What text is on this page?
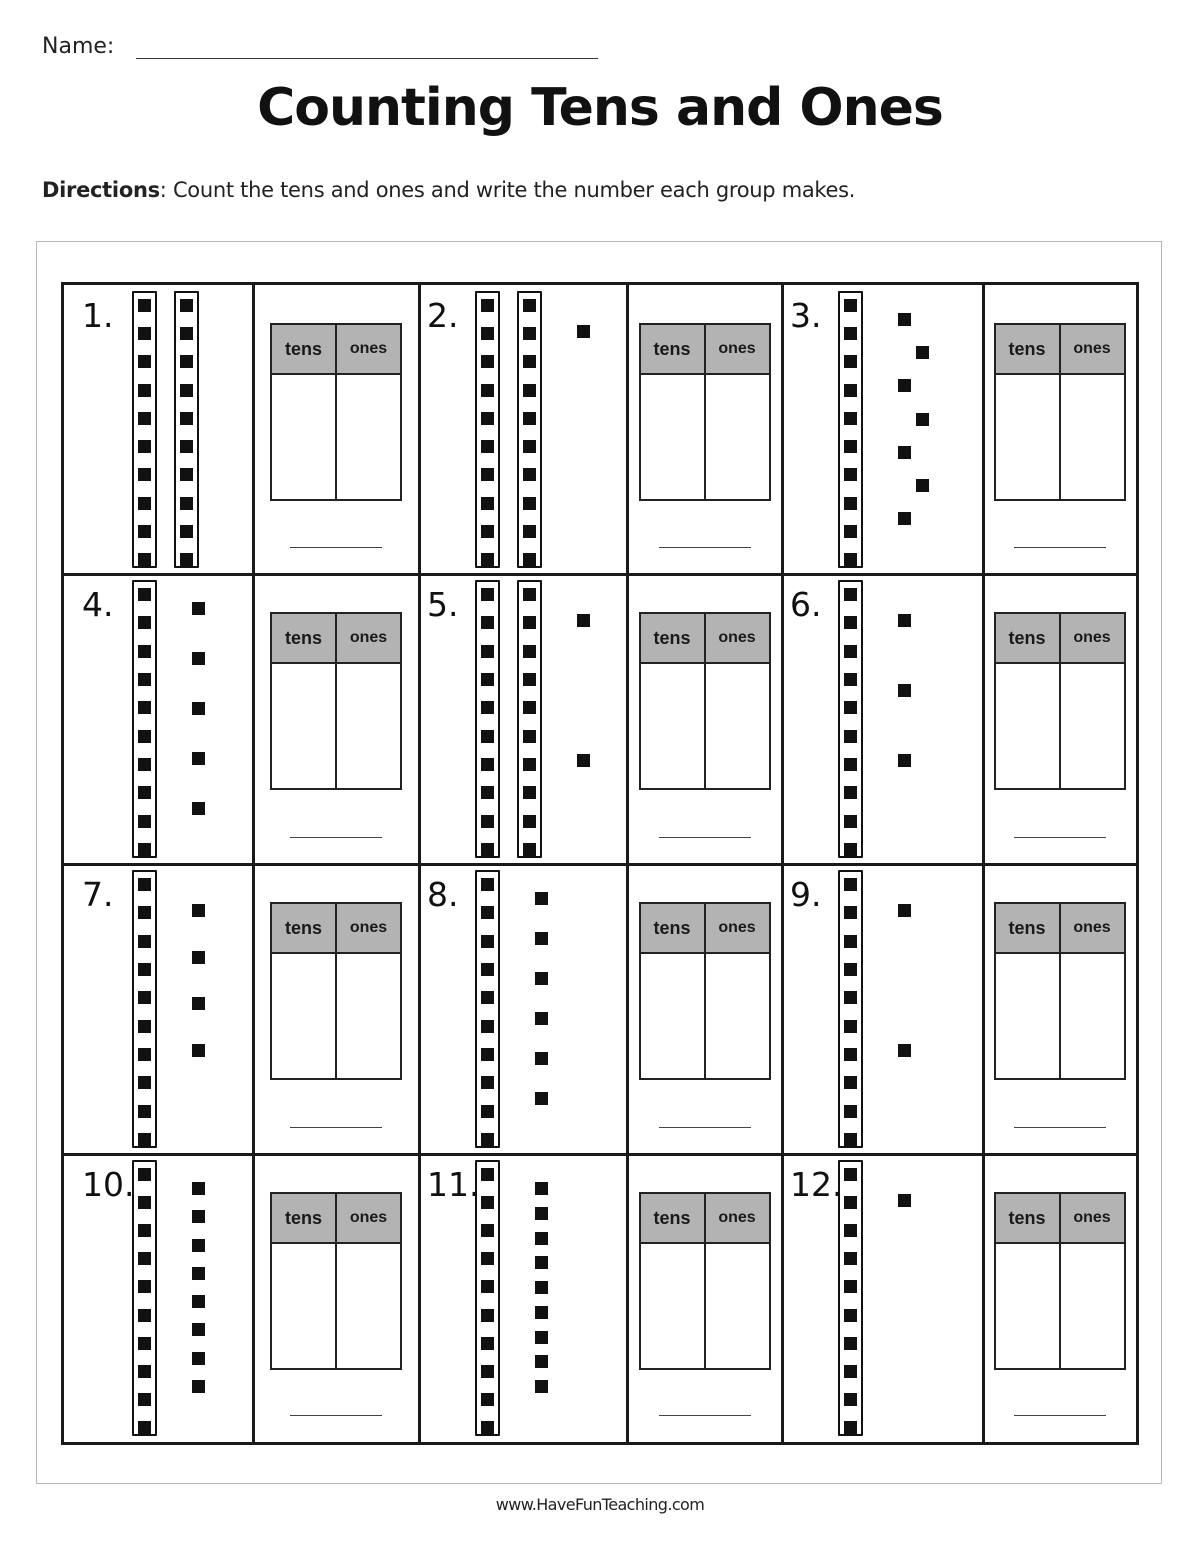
Name:
Counting Tens and Ones
Directions: Count the tens and ones and write the number each group makes.
1.
tens	ones
2.
tens	ones
3.
tens	ones
4.
tens	ones
5.
tens	ones
6.
tens	ones
7.
tens	ones
8.
tens	ones
9.
tens	ones
10.
tens	ones
11.
tens	ones
12.
tens	ones
www.HaveFunTeaching.com
